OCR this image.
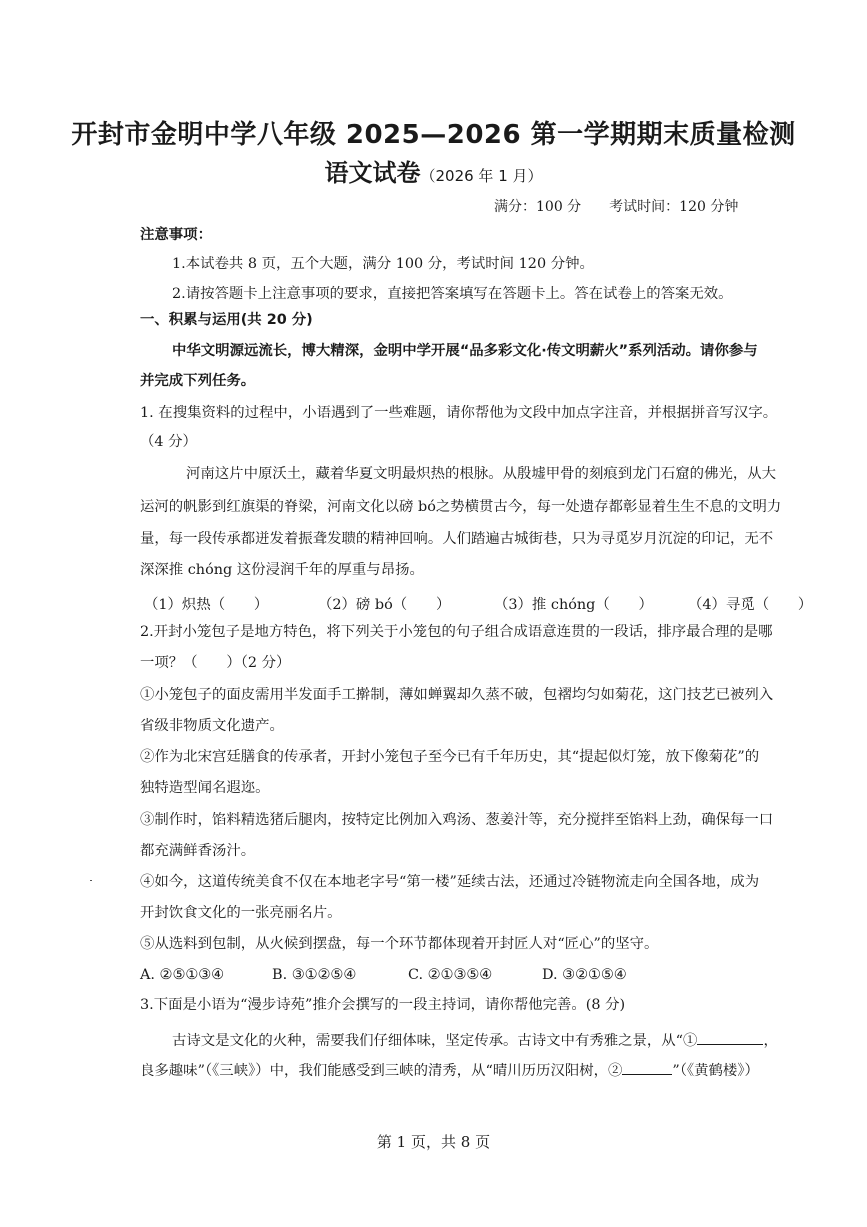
开封市金明中学八年级 2025—2026 第一学期期末质量检测
语文试卷（2026 年 1 月）
满分：100 分 考试时间：120 分钟
注意事项：
1.本试卷共 8 页，五个大题，满分 100 分，考试时间 120 分钟。
2.请按答题卡上注意事项的要求，直接把答案填写在答题卡上。答在试卷上的答案无效。
一、积累与运用(共 20 分)
中华文明源远流长，博大精深，金明中学开展“品多彩文化·传文明薪火”系列活动。请你参与
并完成下列任务。
1. 在搜集资料的过程中，小语遇到了一些难题，请你帮他为文段中加点字注音，并根据拼音写汉字。
（4 分）
河南这片中原沃土，藏着华夏文明最炽热的根脉。从殷墟甲骨的刻痕到龙门石窟的佛光，从大
运河的帆影到红旗渠的脊梁，河南文化以磅 bó之势横贯古今，每一处遗存都彰显着生生不息的文明力
量，每一段传承都迸发着振聋发聩的精神回响。人们踏遍古城街巷，只为寻觅岁月沉淀的印记，无不
深深推 chóng 这份浸润千年的厚重与昂扬。
（1）炽热（　　）	（2）磅 bó（　　）	（3）推 chóng（　　） （4）寻觅（　　）
2.开封小笼包子是地方特色，将下列关于小笼包的句子组合成语意连贯的一段话，排序最合理的是哪
一项？（　　）（2 分）
①小笼包子的面皮需用半发面手工擀制，薄如蝉翼却久蒸不破，包褶均匀如菊花，这门技艺已被列入
省级非物质文化遗产。
②作为北宋宫廷膳食的传承者，开封小笼包子至今已有千年历史，其“提起似灯笼，放下像菊花”的
独特造型闻名遐迩。
③制作时，馅料精选猪后腿肉，按特定比例加入鸡汤、葱姜汁等，充分搅拌至馅料上劲，确保每一口
都充满鲜香汤汁。
④如今，这道传统美食不仅在本地老字号“第一楼”延续古法，还通过冷链物流走向全国各地，成为
开封饮食文化的一张亮丽名片。
⑤从选料到包制，从火候到摆盘，每一个环节都体现着开封匠人对“匠心”的坚守。
A. ②⑤①③④	B. ③①②⑤④	C. ②①③⑤④	D. ③②①⑤④
3.下面是小语为“漫步诗苑”推介会撰写的一段主持词，请你帮他完善。(8 分)
古诗文是文化的火种，需要我们仔细体味，坚定传承。古诗文中有秀雅之景，从“①	，
良多趣味”（《三峡》）中，我们能感受到三峡的清秀，从“晴川历历汉阳树，②	”（《黄鹤楼》）
第 1 页，共 8 页
